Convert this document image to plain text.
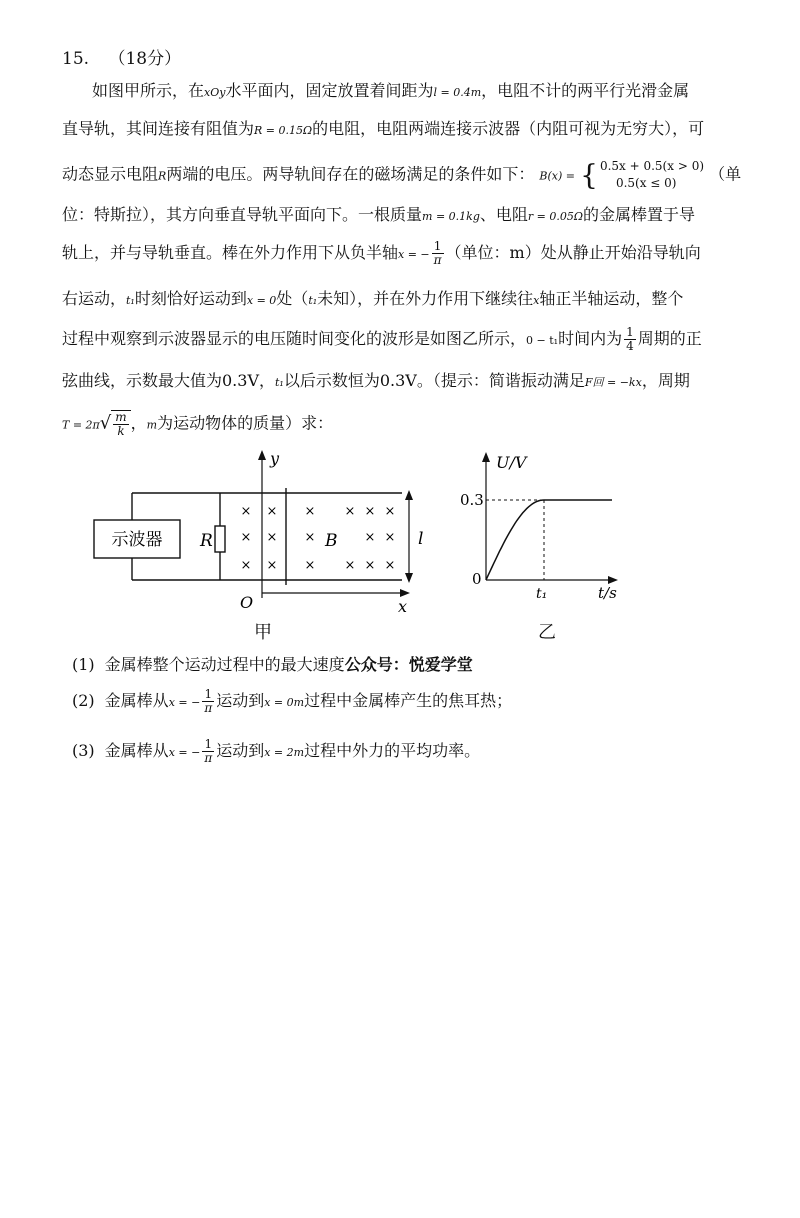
15. （18分）
如图甲所示，在xOy水平面内，固定放置着间距为l = 0.4m，电阻不计的两平行光滑金属
直导轨，其间连接有阻值为R = 0.15Ω的电阻，电阻两端连接示波器（内阻可视为无穷大），可
动态显示电阻R两端的电压。两导轨间存在的磁场满足的条件如下： B(x) = { 0.5x + 0.5(x > 0)
0.5(x ≤ 0)	（单
位：特斯拉），其方向垂直导轨平面向下。一根质量m = 0.1kg、电阻r = 0.05Ω的金属棒置于导
轨上，并与导轨垂直。棒在外力作用下从负半轴x = − $\frac{1}{\pi}$ （单位：m）处从静止开始沿导轨向
右运动，t₁时刻恰好运动到x = 0处（t₁未知），并在外力作用下继续往x轴正半轴运动，整个
过程中观察到示波器显示的电压随时间变化的波形是如图乙所示，0 − t₁时间内为 $\frac{1}{4}$ 周期的正
弦曲线，示数最大值为0.3V，t₁以后示数恒为0.3V。（提示：简谐振动满足F回 = −kx，周期
$T = 2\pi√ \frac{m}{k}$ ，m为运动物体的质量）求：
示波器 R
y
x
O
B	l
× × × × × ×
× × ×	× ×
× × × × × ×
甲
U/V
t/s
0.3
0
t₁
乙
(1) 金属棒整个运动过程中的最大速度公众号：悦爱学堂
(2) 金属棒从x = − $\frac{1}{\pi}$ 运动到x = 0m过程中金属棒产生的焦耳热；
(3) 金属棒从x = − $\frac{1}{\pi}$ 运动到x = 2m过程中外力的平均功率。
